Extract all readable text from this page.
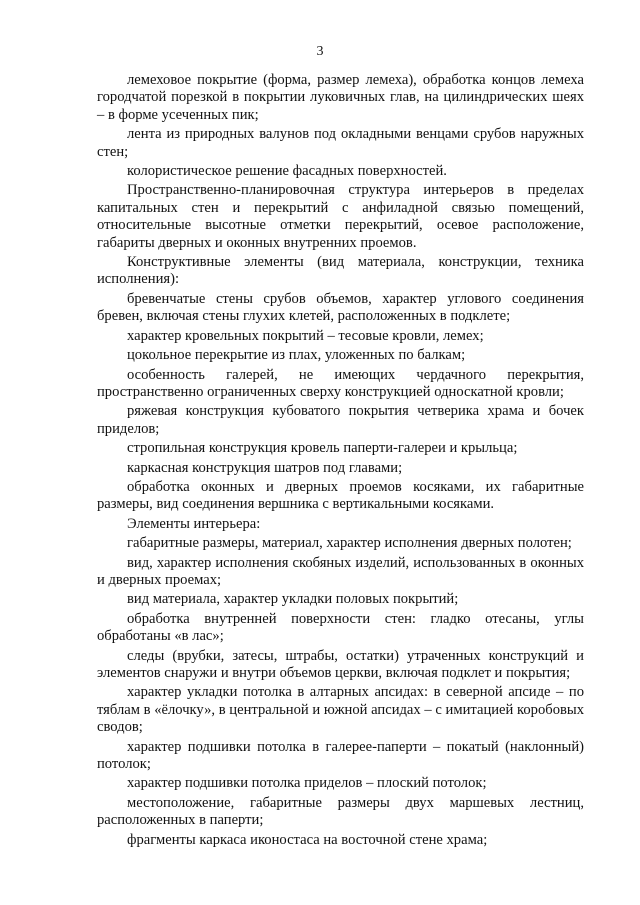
3

лемеховое покрытие (форма, размер лемеха), обработка концов лемеха городчатой порезкой в покрытии луковичных глав, на цилиндрических шеях – в форме усеченных пик;

лента из природных валунов под окладными венцами срубов наружных стен;

колористическое решение фасадных поверхностей.

Пространственно-планировочная структура интерьеров в пределах капитальных стен и перекрытий с анфиладной связью помещений, относительные высотные отметки перекрытий, осевое расположение, габариты дверных и оконных внутренних проемов.

Конструктивные элементы (вид материала, конструкции, техника исполнения):

бревенчатые стены срубов объемов, характер углового соединения бревен, включая стены глухих клетей, расположенных в подклете;

характер кровельных покрытий – тесовые кровли, лемех;

цокольное перекрытие из плах, уложенных по балкам;

особенность галерей, не имеющих чердачного перекрытия, пространственно ограниченных сверху конструкцией односкатной кровли;

ряжевая конструкция кубоватого покрытия четверика храма и бочек приделов;

стропильная конструкция кровель паперти-галереи и крыльца;

каркасная конструкция шатров под главами;

обработка оконных и дверных проемов косяками, их габаритные размеры, вид соединения вершника с вертикальными косяками.

Элементы интерьера:

габаритные размеры, материал, характер исполнения дверных полотен;

вид, характер исполнения скобяных изделий, использованных в оконных и дверных проемах;

вид материала, характер укладки половых покрытий;

обработка внутренней поверхности стен: гладко отесаны, углы обработаны «в лас»;

следы (врубки, затесы, штрабы, остатки) утраченных конструкций и элементов снаружи и внутри объемов церкви, включая подклет и покрытия;

характер укладки потолка в алтарных апсидах: в северной апсиде – по тяблам в «ёлочку», в центральной и южной апсидах – с имитацией коробовых сводов;

характер подшивки потолка в галерее-паперти – покатый (наклонный) потолок;

характер подшивки потолка приделов – плоский потолок;

местоположение, габаритные размеры двух маршевых лестниц, расположенных в паперти;

фрагменты каркаса иконостаса на восточной стене храма;
